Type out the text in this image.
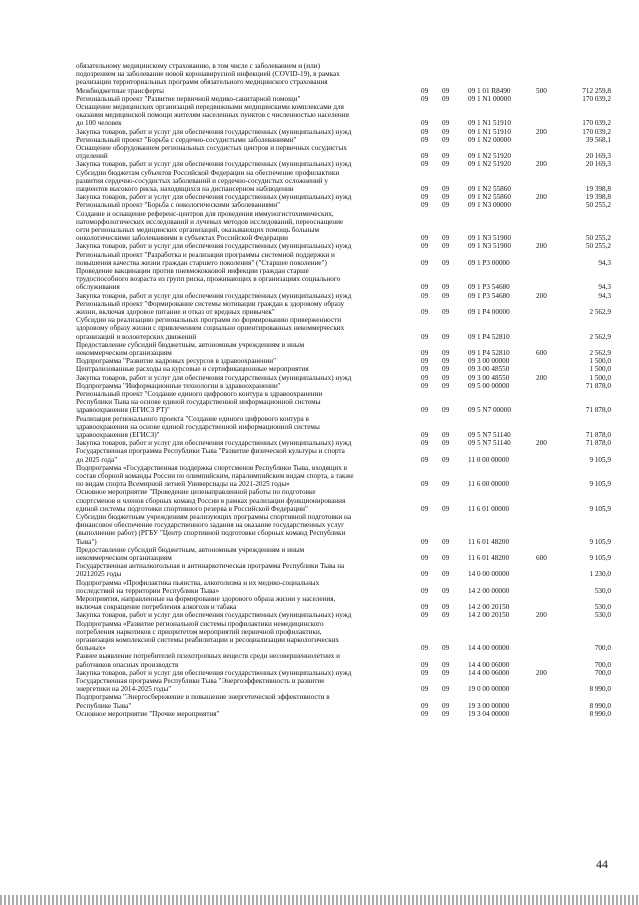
обязательному медицинскому страхованию, в том числе с заболеванием и (или)
подозрением на заболевание новой коронавирусной инфекцией (COVID-19), в рамках
реализации территориальных программ обязательного медицинского страхования
Межбюджетные трансферты	09 09	09 1 01 R8490	500	712 259,8
Региональный проект "Развитие первичной медико-санитарной помощи"	09 09	09 1 N1 00000	170 039,2
Оснащение медицинских организаций передвижными медицинскими комплексами для
оказания медицинской помощи жителям населенных пунктов с численностью населения
до 100 человек	09 09	09 1 N1 51910	170 039,2
Закупка товаров, работ и услуг для обеспечения государственных (муниципальных) нужд	09 09	09 1 N1 51910	200	170 039,2
Региональный проект "Борьба с сердечно-сосудистыми заболеваниями"	09 09	09 1 N2 00000	39 568,1
Оснащение оборудованием региональных сосудистых центров и первичных сосудистых
отделений	09 09	09 1 N2 51920	20 169,3
Закупка товаров, работ и услуг для обеспечения государственных (муниципальных) нужд	09 09	09 1 N2 51920	200	20 169,3
Субсидии бюджетам субъектов Российской Федерации на обеспечение профилактики
развития сердечно-сосудистых заболеваний и сердечно-сосудистых осложнений у
пациентов высокого риска, находящихся на диспансерном наблюдении	09 09	09 1 N2 55860	19 398,8
Закупка товаров, работ и услуг для обеспечения государственных (муниципальных) нужд	09 09	09 1 N2 55860	200	19 398,8
Региональный проект "Борьба с онкологическими заболеваниями"	09 09	09 1 N3 00000	50 255,2
Создание и оснащение референс-центров для проведения иммуногистохимических,
патоморфологических исследований и лучевых методов исследований, переоснащение
сети региональных медицинских организаций, оказывающих помощь больным
онкологическими заболеваниями в субъектах Российской Федерации	09 09	09 1 N3 51900	50 255,2
Закупка товаров, работ и услуг для обеспечения государственных (муниципальных) нужд	09 09	09 1 N3 51900	200	50 255,2
Региональный проект "Разработка и реализация программы системной поддержки и
повышения качества жизни граждан старшего поколения" ("Старшее поколение")	09 09	09 1 P3 00000	94,3
Проведение вакцинации против пневмококковой инфекции граждан старше
трудоспособного возраста из групп риска, проживающих в организациях социального
обслуживания	09 09	09 1 P3 54680	94,3
Закупка товаров, работ и услуг для обеспечения государственных (муниципальных) нужд	09 09	09 1 P3 54680	200	94,3
Региональный проект "Формирование системы мотивации граждан к здоровому образу
жизни, включая здоровое питание и отказ от вредных привычек"	09 09	09 1 P4 00000	2 562,9
Субсидии на реализацию региональных программ по формированию приверженности
здоровому образу жизни с привлечением социально ориентированных некоммерческих
организаций и волонтерских движений	09 09	09 1 P4 52810	2 562,9
Предоставление субсидий бюджетным, автономным учреждениям и иным
некоммерческим организациям	09 09	09 1 P4 52810	600	2 562,9
Подпрограмма "Развитие кадровых ресурсов в здравоохранении"	09 09	09 3 00 00000	1 500,0
Централизованные расходы на курсовые и сертификационные мероприятия	09 09	09 3 00 48550	1 500,0
Закупка товаров, работ и услуг для обеспечения государственных (муниципальных) нужд	09 09	09 3 00 48550	200	1 500,0
Подпрограмма "Информационные технологии в здравоохранении"	09 09	09 5 00 00000	71 878,0
Региональный проект "Создание единого цифрового контура в здравоохранении
Республики Тыва на основе единой государственной информационной системы
здравоохранения (ЕГИСЗ РТ)"	09 09	09 5 N7 00000	71 878,0
Реализация регионального проекта "Создание единого цифрового контура в
здравоохранении на основе единой государственной информационной системы
здравоохранения (ЕГИСЗ)"	09 09	09 5 N7 51140	71 878,0
Закупка товаров, работ и услуг для обеспечения государственных (муниципальных) нужд	09 09	09 5 N7 51140	200	71 878,0
Государственная программа Республики Тыва "Развитие физической культуры и спорта
до 2025 года"	09 09	11 0 00 00000	9 105,9
Подпрограмма «Государственная поддержка спортсменов Республики Тыва, входящих в
состав сборной команды России по олимпийским, паралимпийским видам спорта, а также
по видам спорта Всемирной летней Универсиады на 2021-2025 годы»	09 09	11 6 00 00000	9 105,9
Основное мероприятие "Проведение целенаправленной работы по подготовке
спортсменов и членов сборных команд России в рамках реализации функционирования
единой системы подготовки спортивного резерва в Российской Федерации"	09 09	11 6 01 00000	9 105,9
Субсидии бюджетным учреждениям реализующих программы спортивной подготовки на
финансовое обеспечение государственного задания на оказание государственных услуг
(выполнение работ) (РГБУ "Центр спортивной подготовки сборных команд Республики
Тыва")	09 09	11 6 01 48200	9 105,9
Предоставление субсидий бюджетным, автономным учреждениям и иным
некоммерческим организациям	09 09	11 6 01 48200	600	9 105,9
Государственная антиалкогольная и антинаркотическая программа Республики Тыва на
20212025 годы	09 09	14 0 00 00000	1 230,0
Подпрограмма «Профилактика пьянства, алкоголизма и их медико-социальных
последствий на территории Республики Тыва»	09 09	14 2 00 00000	530,0
Мероприятия, направленные на формирование здорового образа жизни у населения,
включая сокращение потребления алкоголя и табака	09 09	14 2 00 20150	530,0
Закупка товаров, работ и услуг для обеспечения государственных (муниципальных) нужд	09 09	14 2 00 20150	200	530,0
Подпрограмма «Развитие региональной системы профилактики немедицинского
потребления наркотиков с приоритетом мероприятий первичной профилактики,
организация комплексной системы реабилитации и ресоциализации наркологических
больных»	09 09	14 4 00 00000	700,0
Раннее выявление потребителей психотропных веществ среди несовершеннолетних и
работников опасных производств	09 09	14 4 00 06000	700,0
Закупка товаров, работ и услуг для обеспечения государственных (муниципальных) нужд	09 09	14 4 00 06000	200	700,0
Государственная программа Республики Тыва "Энергоэффективность и развитие
энергетики на 2014-2025 годы"	09 09	19 0 00 00000	8 990,0
Подпрограмма "Энергосбережение и повышение энергетической эффективности в
Республике Тыва"	09 09	19 3 00 00000	8 990,0
Основное мероприятие "Прочие мероприятия"	09 09	19 3 04 00000	8 990,0
44
